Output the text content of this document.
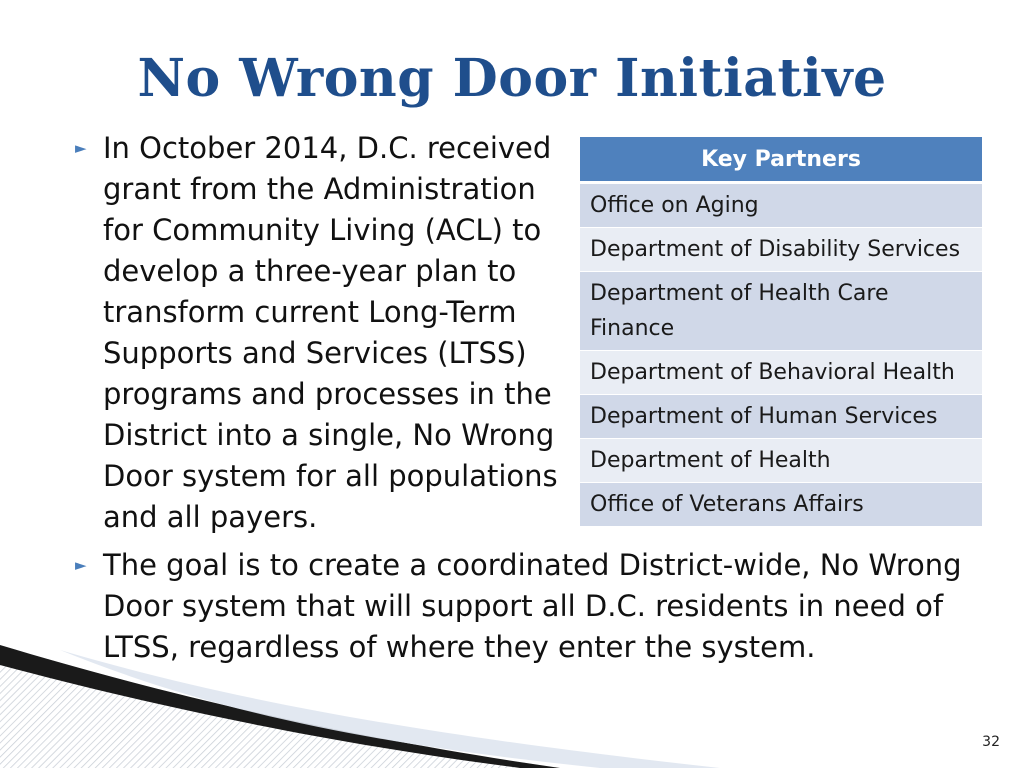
No Wrong Door Initiative
► In October 2014, D.C. received grant from the Administration for Community Living (ACL) to develop a three-year plan to transform current Long-Term Supports and Services (LTSS) programs and processes in the District into a single, No Wrong Door system for all populations and all payers.
Key Partners
Office on Aging
Department of Disability Services
Department of Health Care Finance
Department of Behavioral Health
Department of Human Services
Department of Health
Office of Veterans Affairs
► The goal is to create a coordinated District-wide, No Wrong Door system that will support all D.C. residents in need of LTSS, regardless of where they enter the system.
32
